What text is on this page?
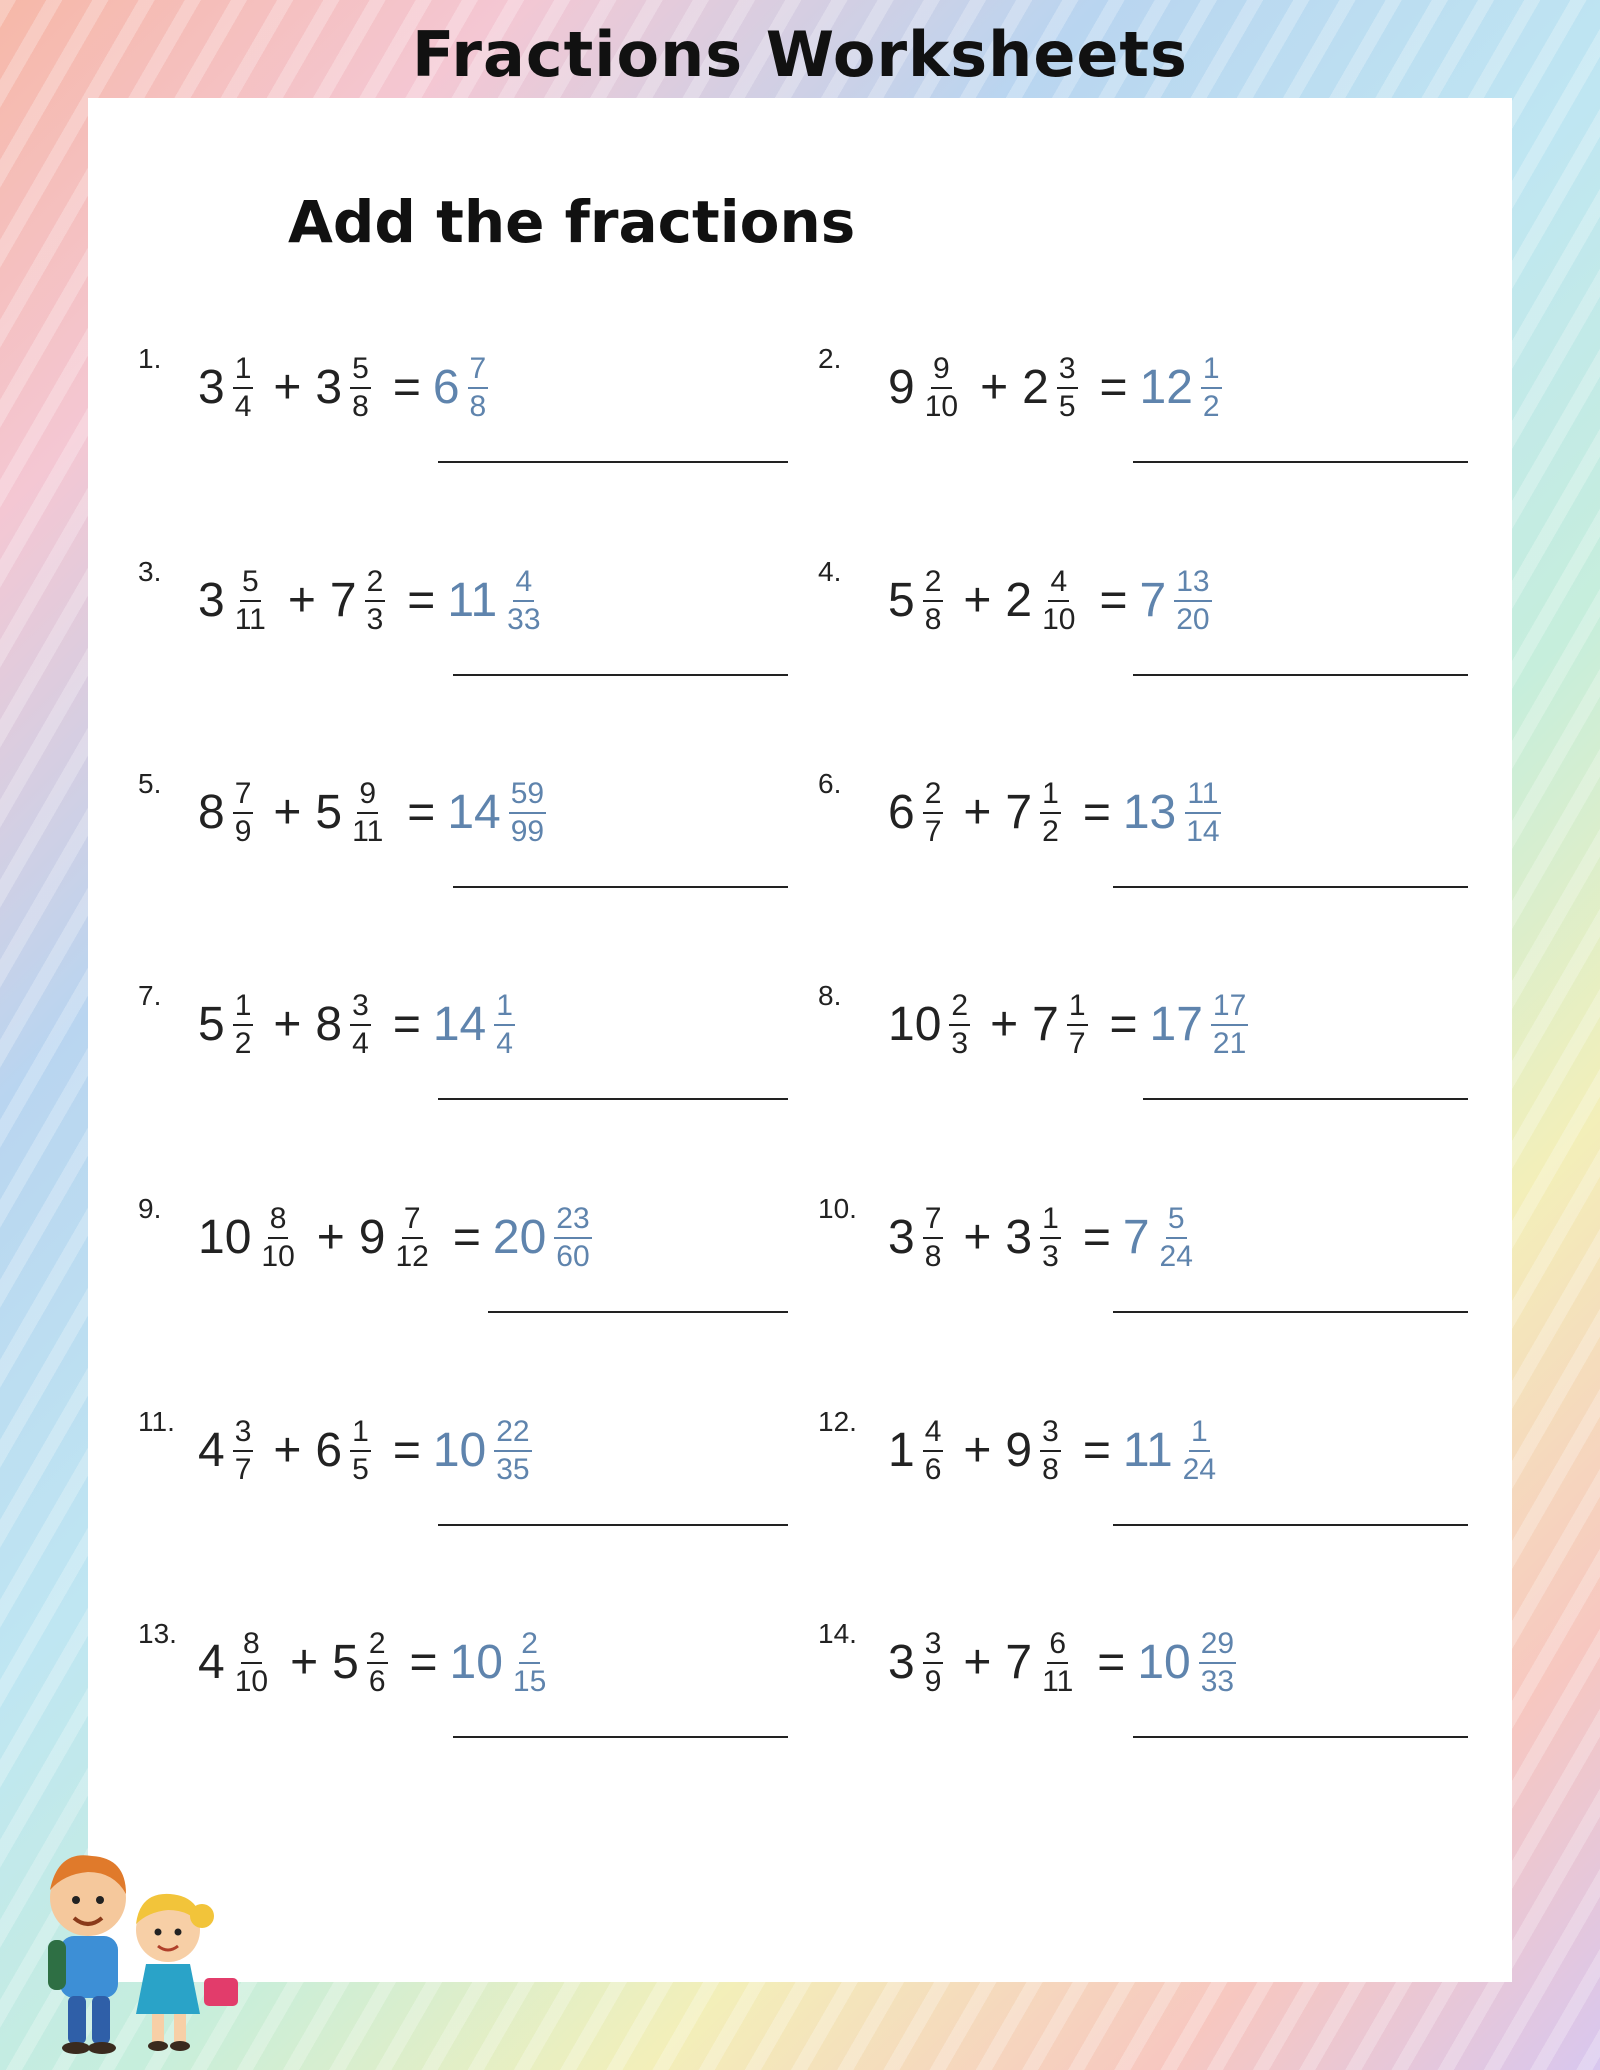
Fractions Worksheets
Add the fractions
1.
$3 \frac{1}{4} + 3 \frac{5}{8} = 6 \frac{7}{8}$	2.
$9 \frac{9}{10} + 2 \frac{3}{5} = 12 \frac{1}{2}$
3.
$3 \frac{5}{11} + 7 \frac{2}{3} = 11 \frac{4}{33}$	4.
$5 \frac{2}{8} + 2 \frac{4}{10} = 7 \frac{13}{20}$
5.
$8 \frac{7}{9} + 5 \frac{9}{11} = 14 \frac{59}{99}$	6.
$6 \frac{2}{7} + 7 \frac{1}{2} = 13 \frac{11}{14}$
7.
$5 \frac{1}{2} + 8 \frac{3}{4} = 14 \frac{1}{4}$	8.
$10 \frac{2}{3} + 7 \frac{1}{7} = 17 \frac{17}{21}$
9.
$10 \frac{8}{10} + 9 \frac{7}{12} = 20 \frac{23}{60}$	10.
$3 \frac{7}{8} + 3 \frac{1}{3} = 7 \frac{5}{24}$
11.
$4 \frac{3}{7} + 6 \frac{1}{5} = 10 \frac{22}{35}$	12.
$1 \frac{4}{6} + 9 \frac{3}{8} = 11 \frac{1}{24}$
13.
$4 \frac{8}{10} + 5 \frac{2}{6} = 10 \frac{2}{15}$	14.
$3 \frac{3}{9} + 7 \frac{6}{11} = 10 \frac{29}{33}$
